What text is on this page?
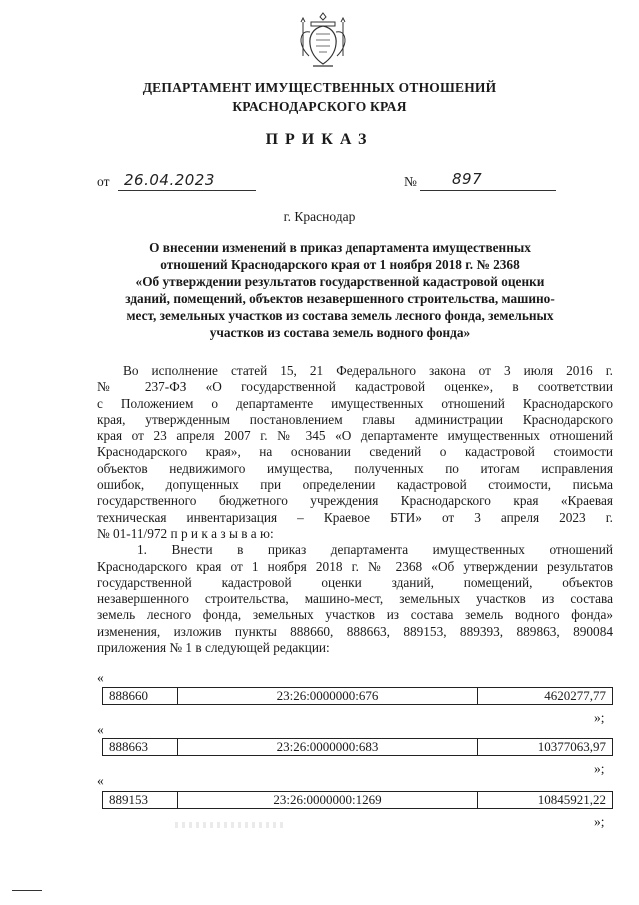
ДЕПАРТАМЕНТ ИМУЩЕСТВЕННЫХ ОТНОШЕНИЙ
КРАСНОДАРСКОГО КРАЯ
ПРИКАЗ
от 26.04.2023	№ 897
г. Краснодар
О внесении изменений в приказ департамента имущественных
отношений Краснодарского края от 1 ноября 2018 г. № 2368
«Об утверждении результатов государственной кадастровой оценки
зданий, помещений, объектов незавершенного строительства, машино-
мест, земельных участков из состава земель лесного фонда, земельных
участков из состава земель водного фонда»
Во исполнение статей 15, 21 Федерального закона от 3 июля 2016 г.
№ 237-ФЗ «О государственной кадастровой оценке», в соответствии
с Положением о департаменте имущественных отношений Краснодарского
края, утвержденным постановлением главы администрации Краснодарского
края от 23 апреля 2007 г. № 345 «О департаменте имущественных отношений
Краснодарского края», на основании сведений о кадастровой стоимости
объектов недвижимого имущества, полученных по итогам исправления
ошибок, допущенных при определении кадастровой стоимости, письма
государственного бюджетного учреждения Краснодарского края «Краевая
техническая инвентаризация – Краевое БТИ» от 3 апреля 2023 г.
№ 01-11/972 п р и к а з ы в а ю:
1. Внести в приказ департамента имущественных отношений
Краснодарского края от 1 ноября 2018 г. № 2368 «Об утверждении результатов
государственной кадастровой оценки зданий, помещений, объектов
незавершенного строительства, машино-мест, земельных участков из состава
земель лесного фонда, земельных участков из состава земель водного фонда»
изменения, изложив пункты 888660, 888663, 889153, 889393, 889863, 890084
приложения № 1 в следующей редакции:
«
888660	23:26:0000000:676	4620277,77
»;
«
888663	23:26:0000000:683	10377063,97
»;
«
889153	23:26:0000000:1269	10845921,22
»;
